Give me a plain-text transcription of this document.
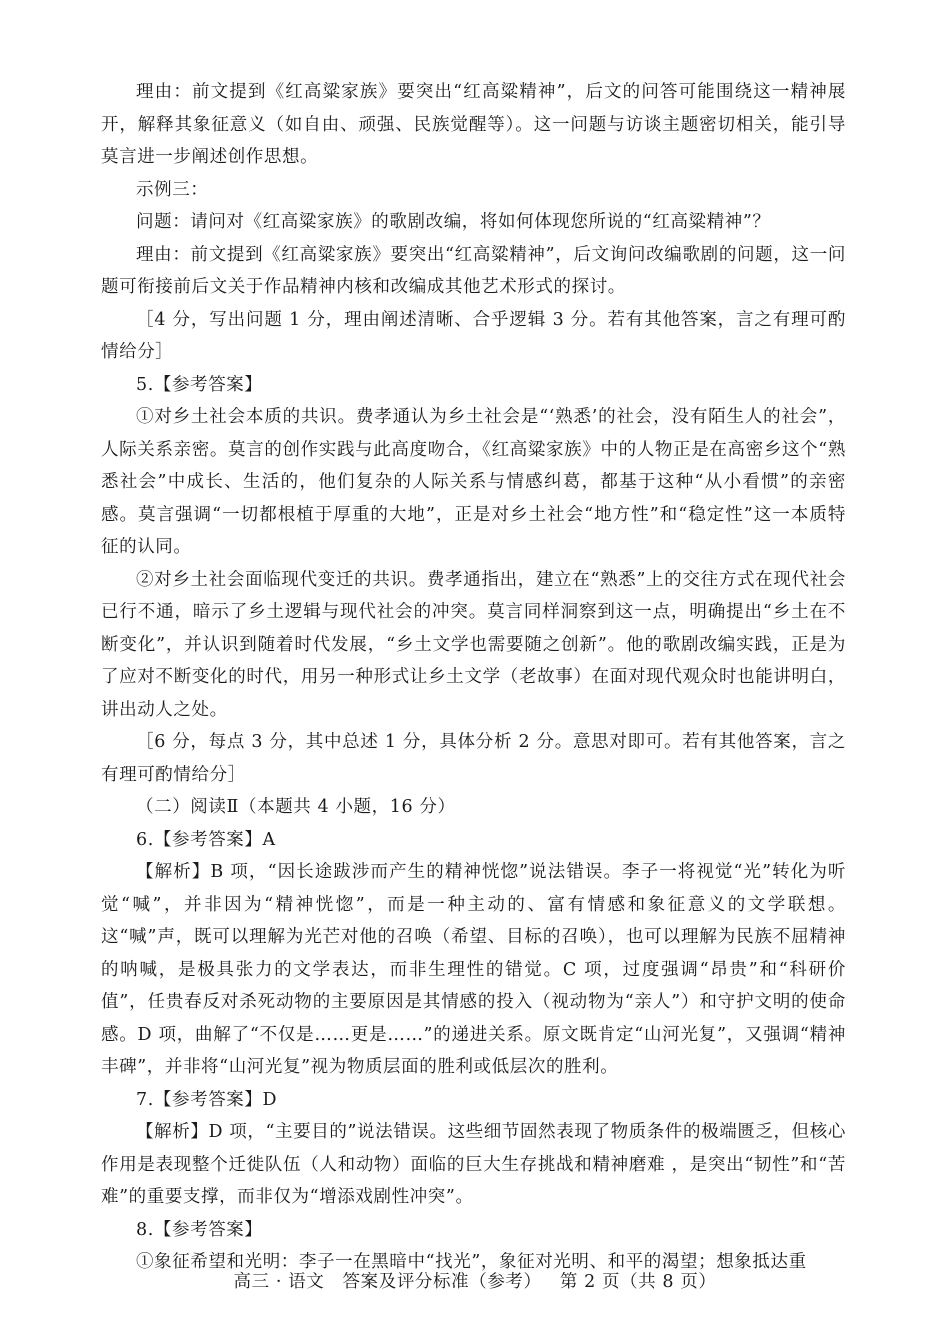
理由：前文提到《红高粱家族》要突出“红高粱精神”，后文的问答可能围绕这一精神展开，解释其象征意义（如自由、顽强、民族觉醒等）。这一问题与访谈主题密切相关，能引导莫言进一步阐述创作思想。

示例三：

问题：请问对《红高粱家族》的歌剧改编，将如何体现您所说的“红高粱精神”？

理由：前文提到《红高粱家族》要突出“红高粱精神”，后文询问改编歌剧的问题，这一问题可衔接前后文关于作品精神内核和改编成其他艺术形式的探讨。

［4 分，写出问题 1 分，理由阐述清晰、合乎逻辑 3 分。若有其他答案，言之有理可酌情给分］

5.【参考答案】

①对乡土社会本质的共识。费孝通认为乡土社会是“‘熟悉’的社会，没有陌生人的社会”，人际关系亲密。莫言的创作实践与此高度吻合，《红高粱家族》中的人物正是在高密乡这个“熟悉社会”中成长、生活的，他们复杂的人际关系与情感纠葛，都基于这种“从小看惯”的亲密感。莫言强调“一切都根植于厚重的大地”，正是对乡土社会“地方性”和“稳定性”这一本质特征的认同。

②对乡土社会面临现代变迁的共识。费孝通指出，建立在“熟悉”上的交往方式在现代社会已行不通，暗示了乡土逻辑与现代社会的冲突。莫言同样洞察到这一点，明确提出“乡土在不断变化”，并认识到随着时代发展，“乡土文学也需要随之创新”。他的歌剧改编实践，正是为了应对不断变化的时代，用另一种形式让乡土文学（老故事）在面对现代观众时也能讲明白，讲出动人之处。

［6 分，每点 3 分，其中总述 1 分，具体分析 2 分。意思对即可。若有其他答案，言之有理可酌情给分］

（二）阅读Ⅱ（本题共 4 小题，16 分）

6.【参考答案】A

【解析】B 项，“因长途跋涉而产生的精神恍惚”说法错误。李子一将视觉“光”转化为听觉“喊”，并非因为“精神恍惚”，而是一种主动的、富有情感和象征意义的文学联想。这“喊”声，既可以理解为光芒对他的召唤（希望、目标的召唤），也可以理解为民族不屈精神的呐喊，是极具张力的文学表达，而非生理性的错觉。C 项，过度强调“昂贵”和“科研价值”，任贵春反对杀死动物的主要原因是其情感的投入（视动物为“亲人”）和守护文明的使命感。D 项，曲解了“不仅是……更是……”的递进关系。原文既肯定“山河光复”，又强调“精神丰碑”，并非将“山河光复”视为物质层面的胜利或低层次的胜利。

7.【参考答案】D

【解析】D 项，“主要目的”说法错误。这些细节固然表现了物质条件的极端匮乏，但核心作用是表现整个迁徙队伍（人和动物）面临的巨大生存挑战和精神磨难 ，是突出“韧性”和“苦难”的重要支撑，而非仅为“增添戏剧性冲突”。

8.【参考答案】

①象征希望和光明：李子一在黑暗中“找光”，象征对光明、和平的渴望；想象抵达重

高三 · 语文 答案及评分标准（参考） 第 2 页（共 8 页）
